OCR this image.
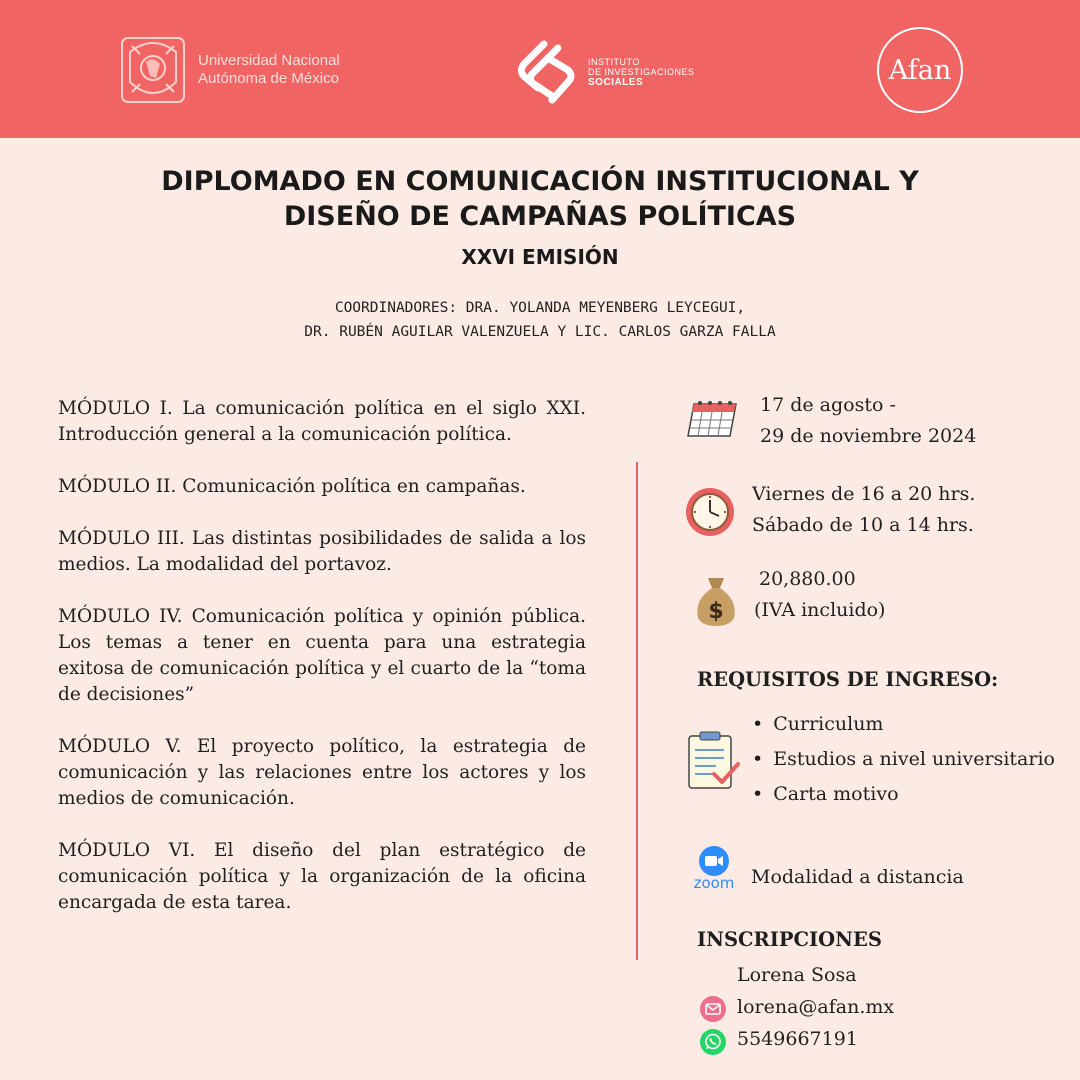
Universidad Nacional
Autónoma de México
INSTITUTO
DE INVESTIGACIONES
SOCIALES	Afan
DIPLOMADO EN COMUNICACIÓN INSTITUCIONAL Y
DISEÑO DE CAMPAÑAS POLÍTICAS
XXVI EMISIÓN
COORDINADORES: DRA. YOLANDA MEYENBERG LEYCEGUI,
DR. RUBÉN AGUILAR VALENZUELA Y LIC. CARLOS GARZA FALLA

MÓDULO I. La comunicación política en el siglo XXI. Introducción general a la comunicación política.

MÓDULO II. Comunicación política en campañas.

MÓDULO III. Las distintas posibilidades de salida a los medios. La modalidad del portavoz.

MÓDULO IV. Comunicación política y opinión pública. Los temas a tener en cuenta para una estrategia exitosa de comunicación política y el cuarto de la “toma de decisiones”

MÓDULO V. El proyecto político, la estrategia de comunicación y las relaciones entre los actores y los medios de comunicación.

MÓDULO VI. El diseño del plan estratégico de comunicación política y la organización de la oficina encargada de esta tarea.

17 de agosto -
29 de noviembre 2024
Viernes de 16 a 20 hrs.
Sábado de 10 a 14 hrs.
$
20,880.00
(IVA incluido)
REQUISITOS DE INGRESO:
• Curriculum
• Estudios a nivel universitario
• Carta motivo
zoom Modalidad a distancia
INSCRIPCIONES
Lorena Sosa
lorena@afan.mx
5549667191
